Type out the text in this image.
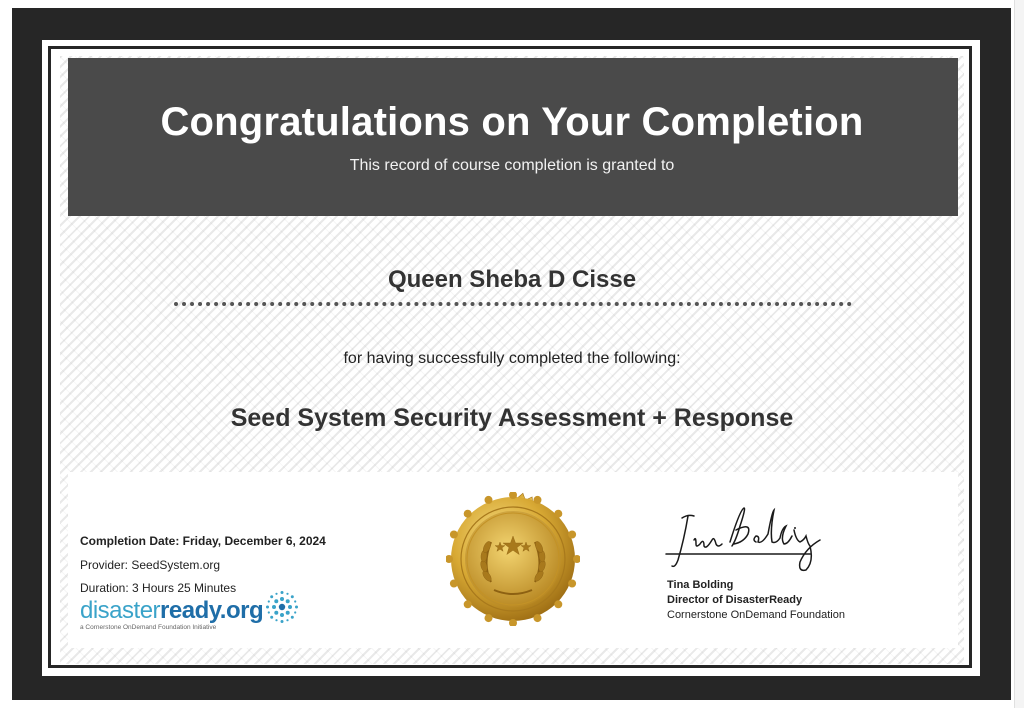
Congratulations on Your Completion
This record of course completion is granted to
Queen Sheba D Cisse
for having successfully completed the following:
Seed System Security Assessment + Response
Completion Date: Friday, December 6, 2024
Provider: SeedSystem.org
Duration: 3 Hours 25 Minutes
disasterready.org
a Cornerstone OnDemand Foundation Initiative
Tina Bolding
Director of DisasterReady
Cornerstone OnDemand Foundation
